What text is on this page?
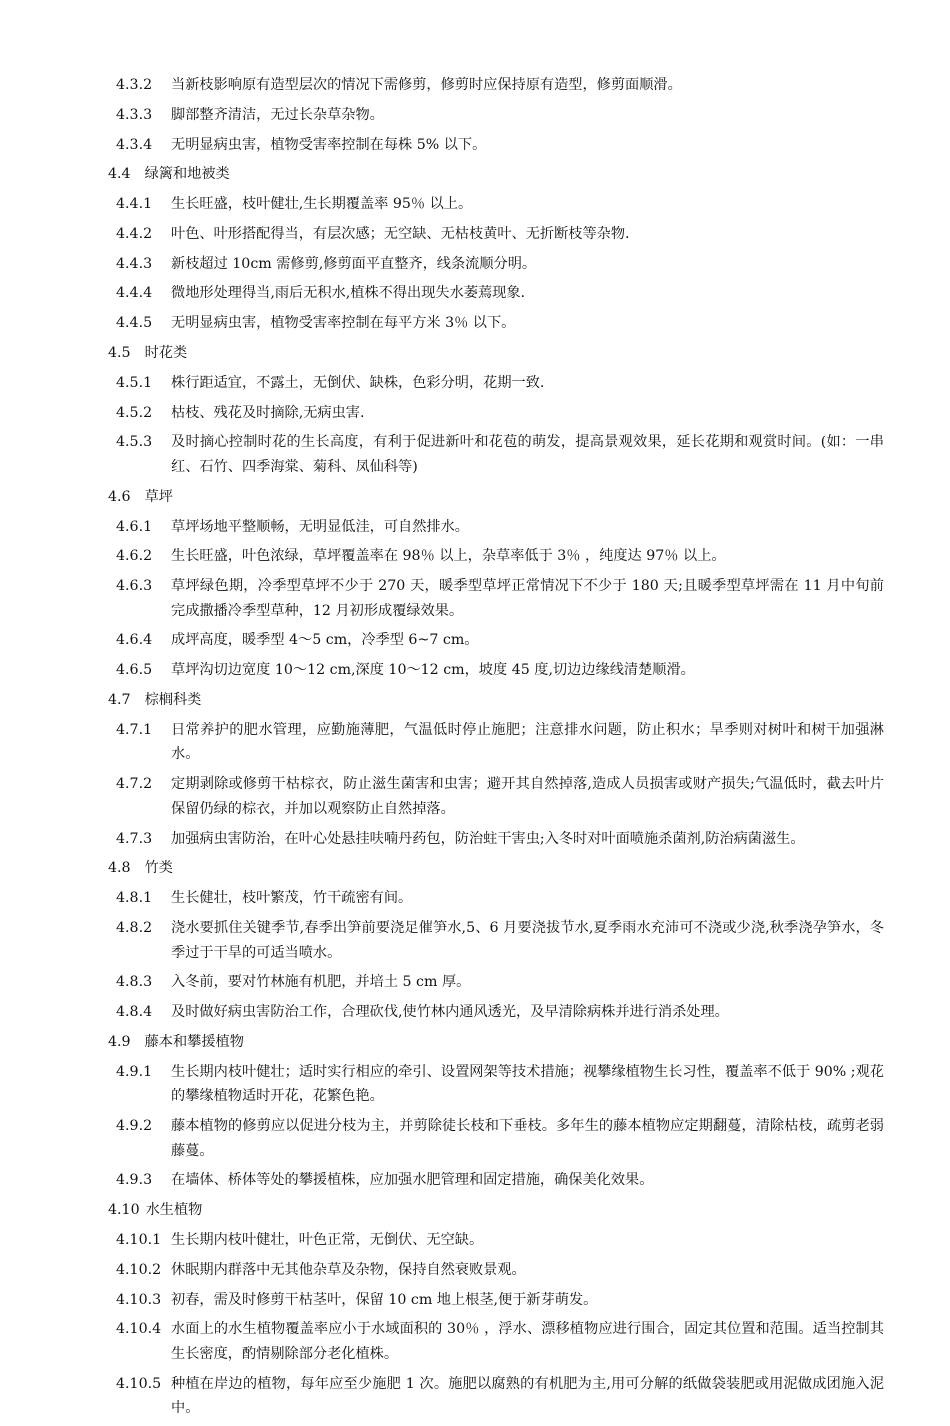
4.3.2	当新枝影响原有造型层次的情况下需修剪，修剪时应保持原有造型，修剪面顺滑。
4.3.3	脚部整齐清洁，无过长杂草杂物。
4.3.4	无明显病虫害，植物受害率控制在每株 5% 以下。
4.4 绿篱和地被类
4.4.1	生长旺盛，枝叶健壮,生长期覆盖率 95％ 以上。
4.4.2	叶色、叶形搭配得当，有层次感；无空缺、无枯枝黄叶、无折断枝等杂物.
4.4.3	新枝超过 10cm 需修剪,修剪面平直整齐，线条流顺分明。
4.4.4	微地形处理得当,雨后无积水,植株不得出现失水萎蔫现象.
4.4.5	无明显病虫害，植物受害率控制在每平方米 3％ 以下。
4.5 时花类
4.5.1	株行距适宜，不露土，无倒伏、缺株，色彩分明，花期一致.
4.5.2	枯枝、残花及时摘除,无病虫害.
4.5.3	及时摘心控制时花的生长高度，有利于促进新叶和花苞的萌发，提高景观效果，延长花期和观赏时间。(如：一串红、石竹、四季海棠、菊科、凤仙科等)
4.6 草坪
4.6.1	草坪场地平整顺畅，无明显低洼，可自然排水。
4.6.2	生长旺盛，叶色浓绿，草坪覆盖率在 98％ 以上，杂草率低于 3％ ，纯度达 97％ 以上。
4.6.3	草坪绿色期，冷季型草坪不少于 270 天，暖季型草坪正常情况下不少于 180 天;且暖季型草坪需在 11 月中旬前完成撒播冷季型草种，12 月初形成覆绿效果。
4.6.4	成坪高度，暖季型 4～5 cm，冷季型 6~7 cm。
4.6.5	草坪沟切边宽度 10～12 cm,深度 10～12 cm，坡度 45 度,切边边缘线清楚顺滑。
4.7 棕榈科类
4.7.1	日常养护的肥水管理，应勤施薄肥，气温低时停止施肥；注意排水问题，防止积水；旱季则对树叶和树干加强淋水。
4.7.2	定期剥除或修剪干枯棕衣，防止滋生菌害和虫害；避开其自然掉落,造成人员损害或财产损失;气温低时，截去叶片保留仍绿的棕衣，并加以观察防止自然掉落。
4.7.3	加强病虫害防治，在叶心处悬挂呋喃丹药包，防治蛀干害虫;入冬时对叶面喷施杀菌剂,防治病菌滋生。
4.8 竹类
4.8.1	生长健壮，枝叶繁茂，竹干疏密有间。
4.8.2	浇水要抓住关键季节,春季出笋前要浇足催笋水,5、6 月要浇拔节水,夏季雨水充沛可不浇或少浇,秋季浇孕笋水，冬季过于干旱的可适当喷水。
4.8.3	入冬前，要对竹林施有机肥，并培土 5 cm 厚。
4.8.4	及时做好病虫害防治工作，合理砍伐,使竹林内通风透光，及早清除病株并进行消杀处理。
4.9 藤本和攀援植物
4.9.1	生长期内枝叶健壮；适时实行相应的牵引、设置网架等技术措施；视攀缘植物生长习性，覆盖率不低于 90% ;观花的攀缘植物适时开花，花繁色艳。
4.9.2	藤本植物的修剪应以促进分枝为主，并剪除徒长枝和下垂枝。多年生的藤本植物应定期翻蔓，清除枯枝，疏剪老弱藤蔓。
4.9.3	在墙体、桥体等处的攀援植株，应加强水肥管理和固定措施，确保美化效果。
4.10 水生植物
4.10.1 生长期内枝叶健壮，叶色正常，无倒伏、无空缺。
4.10.2 休眠期内群落中无其他杂草及杂物，保持自然衰败景观。
4.10.3 初春，需及时修剪干枯茎叶，保留 10 cm 地上根茎,便于新芽萌发。
4.10.4 水面上的水生植物覆盖率应小于水域面积的 30％ ，浮水、漂移植物应进行围合，固定其位置和范围。适当控制其生长密度，酌情剔除部分老化植株。
4.10.5 种植在岸边的植物，每年应至少施肥 1 次。施肥以腐熟的有机肥为主,用可分解的纸做袋装肥或用泥做成团施入泥中。
